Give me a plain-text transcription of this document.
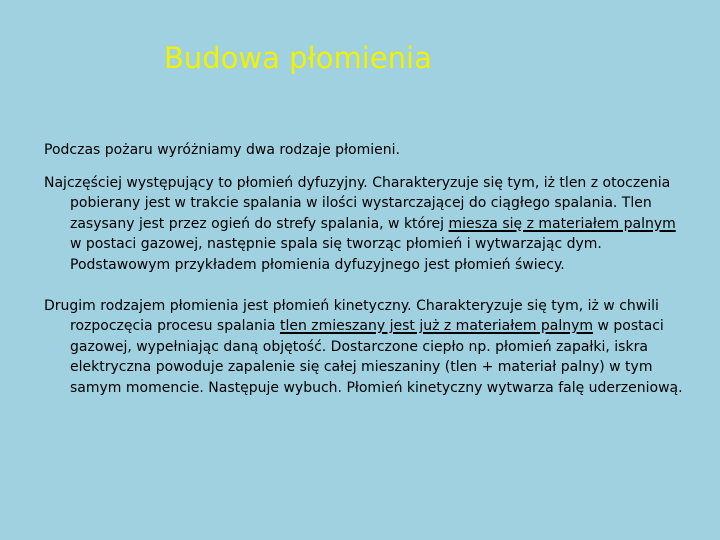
Budowa płomienia

Podczas pożaru wyróżniamy dwa rodzaje płomieni.

Najczęściej występujący to płomień dyfuzyjny. Charakteryzuje się tym, iż tlen z otoczenia pobierany jest w trakcie spalania w ilości wystarczającej do ciągłego spalania. Tlen zasysany jest przez ogień do strefy spalania, w której miesza się z materiałem palnym w postaci gazowej, następnie spala się tworząc płomień i wytwarzając dym. Podstawowym przykładem płomienia dyfuzyjnego jest płomień świecy.

Drugim rodzajem płomienia jest płomień kinetyczny. Charakteryzuje się tym, iż w chwili rozpoczęcia procesu spalania tlen zmieszany jest już z materiałem palnym w postaci gazowej, wypełniając daną objętość. Dostarczone ciepło np. płomień zapałki, iskra elektryczna powoduje zapalenie się całej mieszaniny (tlen + materiał palny) w tym samym momencie. Następuje wybuch. Płomień kinetyczny wytwarza falę uderzeniową.
